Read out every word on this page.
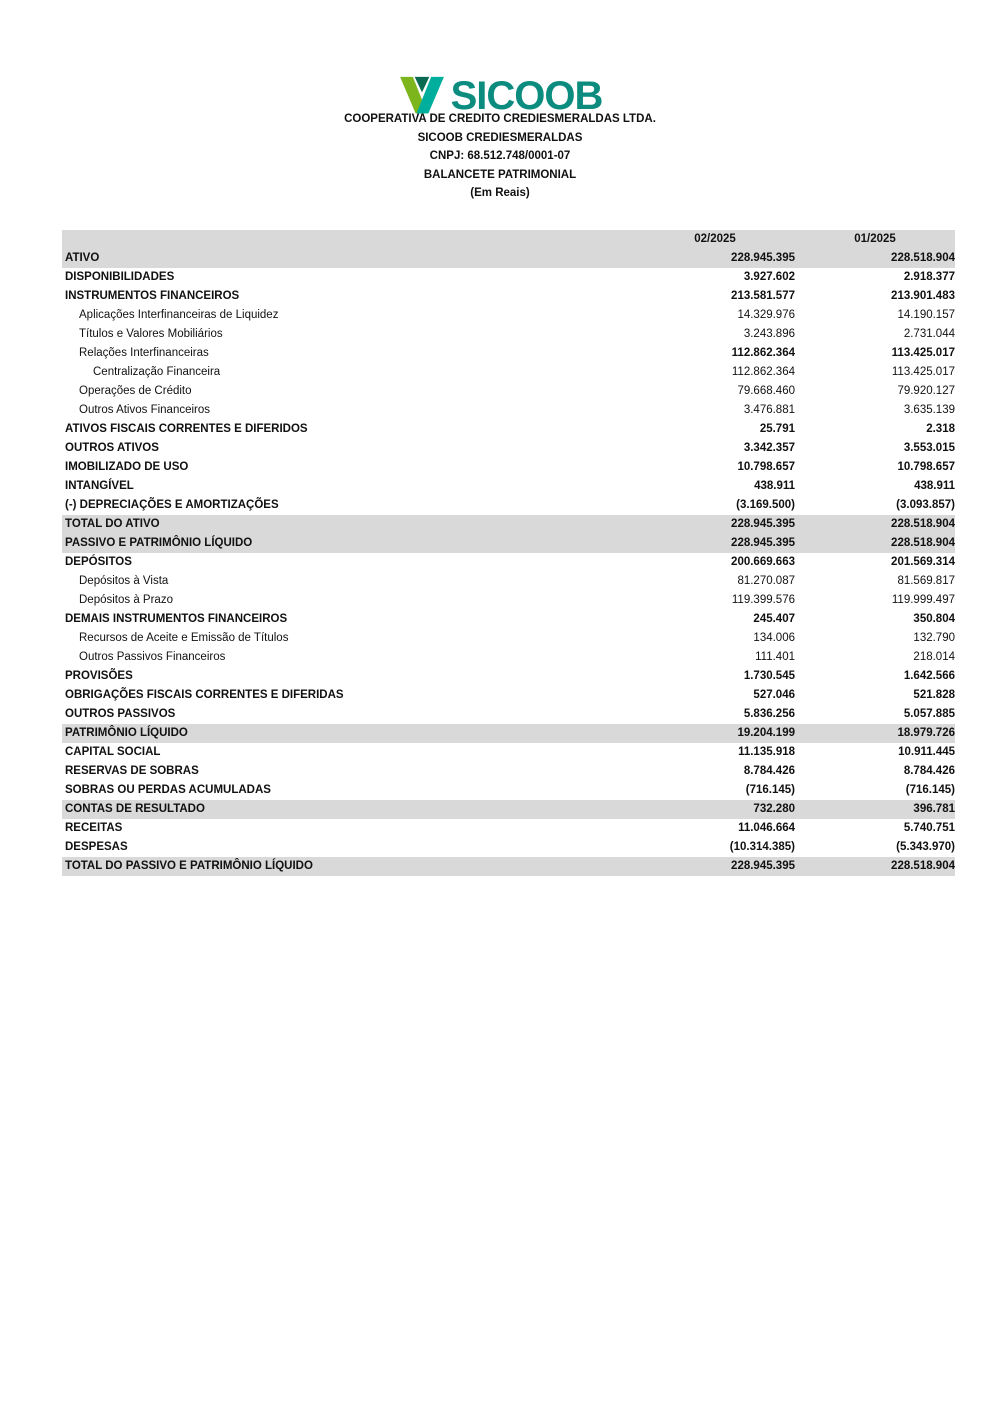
SICOOB
COOPERATIVA DE CREDITO CREDIESMERALDAS LTDA.
SICOOB CREDIESMERALDAS
CNPJ: 68.512.748/0001-07
BALANCETE PATRIMONIAL
(Em Reais)
02/2025	01/2025
ATIVO	228.945.395	228.518.904
DISPONIBILIDADES	3.927.602	2.918.377
INSTRUMENTOS FINANCEIROS	213.581.577	213.901.483
Aplicações Interfinanceiras de Liquidez	14.329.976	14.190.157
Títulos e Valores Mobiliários	3.243.896	2.731.044
Relações Interfinanceiras	112.862.364	113.425.017
Centralização Financeira	112.862.364	113.425.017
Operações de Crédito	79.668.460	79.920.127
Outros Ativos Financeiros	3.476.881	3.635.139
ATIVOS FISCAIS CORRENTES E DIFERIDOS	25.791	2.318
OUTROS ATIVOS	3.342.357	3.553.015
IMOBILIZADO DE USO	10.798.657	10.798.657
INTANGÍVEL	438.911	438.911
(-) DEPRECIAÇÕES E AMORTIZAÇÕES	(3.169.500)	(3.093.857)
TOTAL DO ATIVO	228.945.395	228.518.904
PASSIVO E PATRIMÔNIO LÍQUIDO	228.945.395	228.518.904
DEPÓSITOS	200.669.663	201.569.314
Depósitos à Vista	81.270.087	81.569.817
Depósitos à Prazo	119.399.576	119.999.497
DEMAIS INSTRUMENTOS FINANCEIROS	245.407	350.804
Recursos de Aceite e Emissão de Títulos	134.006	132.790
Outros Passivos Financeiros	111.401	218.014
PROVISÕES	1.730.545	1.642.566
OBRIGAÇÕES FISCAIS CORRENTES E DIFERIDAS	527.046	521.828
OUTROS PASSIVOS	5.836.256	5.057.885
PATRIMÔNIO LÍQUIDO	19.204.199	18.979.726
CAPITAL SOCIAL	11.135.918	10.911.445
RESERVAS DE SOBRAS	8.784.426	8.784.426
SOBRAS OU PERDAS ACUMULADAS	(716.145)	(716.145)
CONTAS DE RESULTADO	732.280	396.781
RECEITAS	11.046.664	5.740.751
DESPESAS	(10.314.385)	(5.343.970)
TOTAL DO PASSIVO E PATRIMÔNIO LÍQUIDO	228.945.395	228.518.904
